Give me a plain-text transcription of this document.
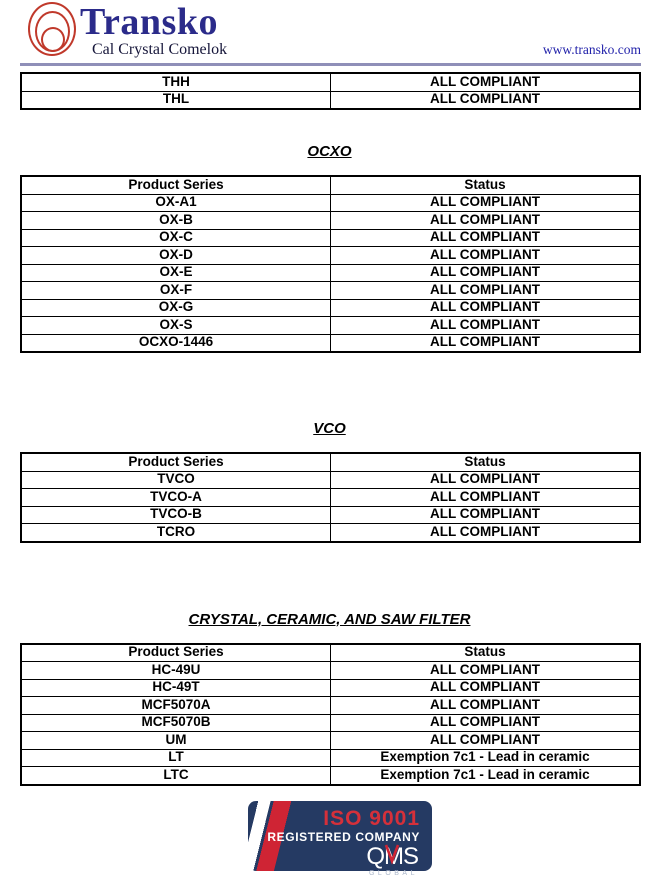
Transko
Cal Crystal Comelok	www.transko.com
THH	ALL COMPLIANT
THL	ALL COMPLIANT
OCXO
Product Series	Status
OX-A1	ALL COMPLIANT
OX-B	ALL COMPLIANT
OX-C	ALL COMPLIANT
OX-D	ALL COMPLIANT
OX-E	ALL COMPLIANT
OX-F	ALL COMPLIANT
OX-G	ALL COMPLIANT
OX-S	ALL COMPLIANT
OCXO-1446	ALL COMPLIANT
VCO
Product Series	Status
TVCO	ALL COMPLIANT
TVCO-A	ALL COMPLIANT
TVCO-B	ALL COMPLIANT
TCRO	ALL COMPLIANT
CRYSTAL, CERAMIC, AND SAW FILTER
Product Series	Status
HC-49U	ALL COMPLIANT
HC-49T	ALL COMPLIANT
MCF5070A	ALL COMPLIANT
MCF5070B	ALL COMPLIANT
UM	ALL COMPLIANT
LT	Exemption 7c1 - Lead in ceramic
LTC	Exemption 7c1 - Lead in ceramic
ISO 9001
REGISTERED COMPANY
QMS
GLOBAL
